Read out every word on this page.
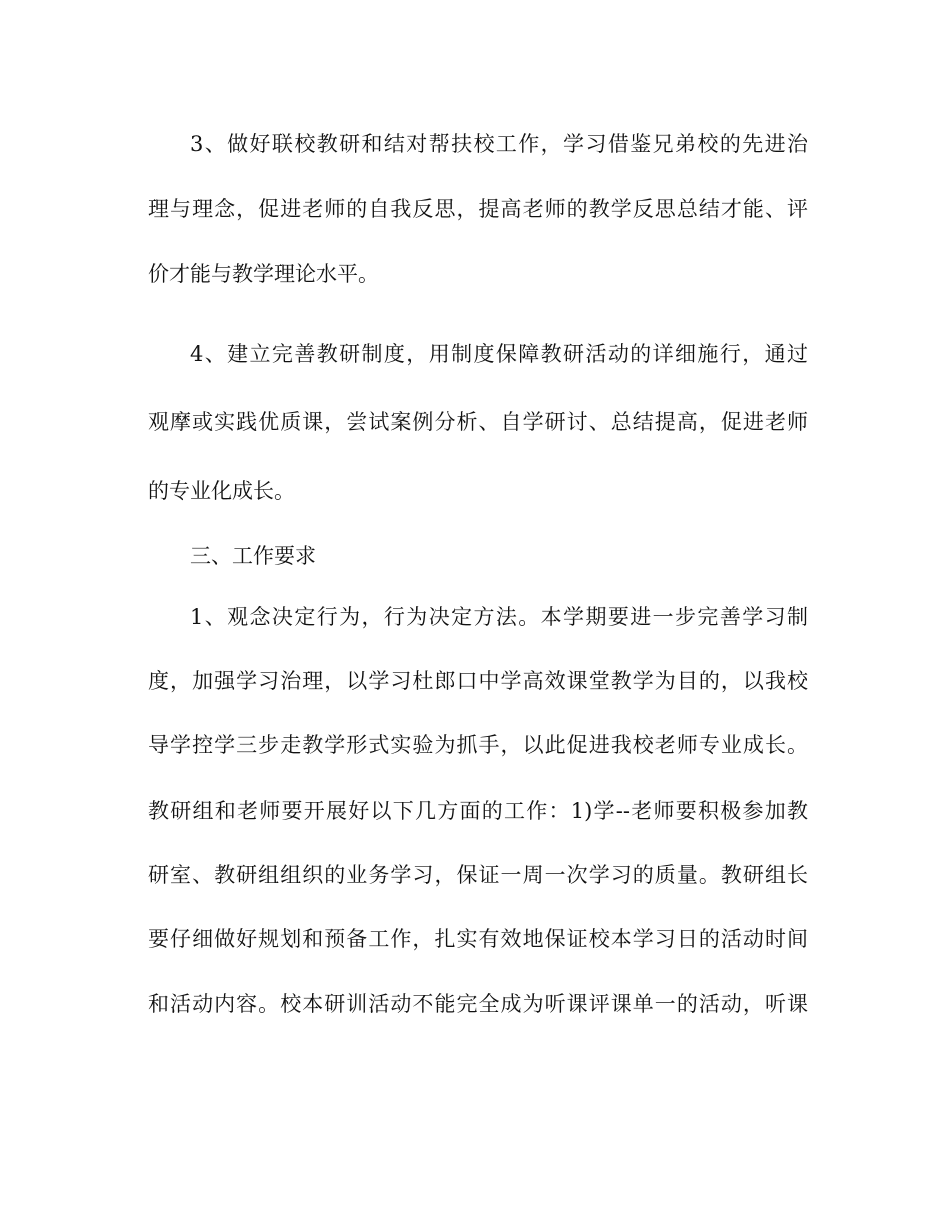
3、做好联校教研和结对帮扶校工作，学习借鉴兄弟校的先进治
理与理念，促进老师的自我反思，提高老师的教学反思总结才能、评
价才能与教学理论水平。
4、建立完善教研制度，用制度保障教研活动的详细施行，通过
观摩或实践优质课，尝试案例分析、自学研讨、总结提高，促进老师
的专业化成长。
三、工作要求
1、观念决定行为，行为决定方法。本学期要进一步完善学习制
度，加强学习治理，以学习杜郎口中学高效课堂教学为目的，以我校
导学控学三步走教学形式实验为抓手，以此促进我校老师专业成长。
教研组和老师要开展好以下几方面的工作：1)学--老师要积极参加教
研室、教研组组织的业务学习，保证一周一次学习的质量。教研组长
要仔细做好规划和预备工作，扎实有效地保证校本学习日的活动时间
和活动内容。校本研训活动不能完全成为听课评课单一的活动，听课
